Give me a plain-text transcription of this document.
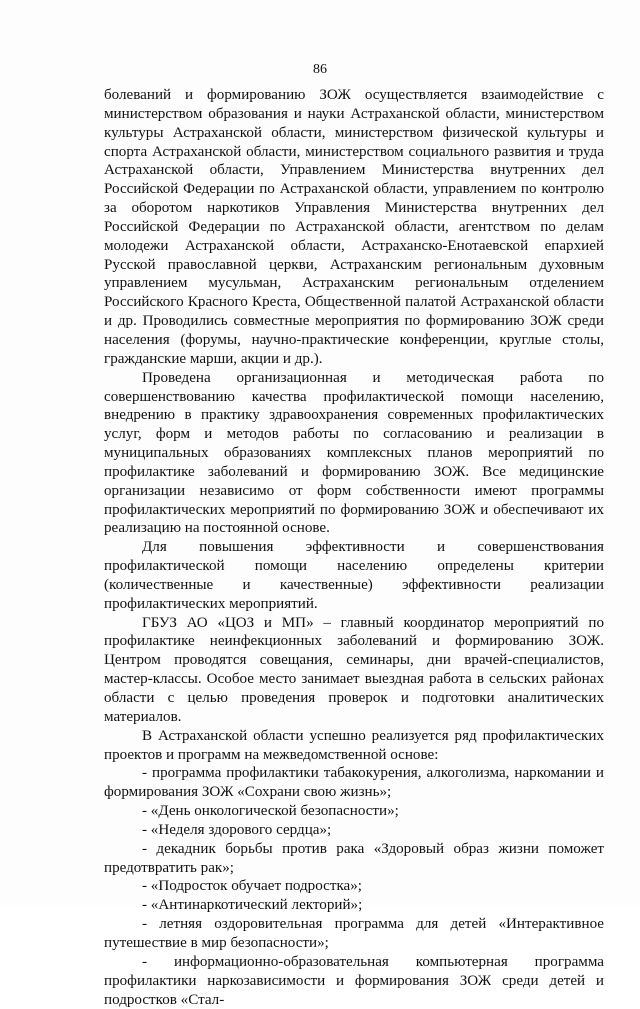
86

болеваний и формированию ЗОЖ осуществляется взаимодействие с министерством образования и науки Астраханской области, министерством культуры Астраханской области, министерством физической культуры и спорта Астраханской области, министерством социального развития и труда Астраханской области, Управлением Министерства внутренних дел Российской Федерации по Астраханской области, управлением по контролю за оборотом наркотиков Управления Министерства внутренних дел Российской Федерации по Астраханской области, агентством по делам молодежи Астраханской области, Астраханско-Енотаевской епархией Русской православной церкви, Астраханским региональным духовным управлением мусульман, Астраханским региональным отделением Российского Красного Креста, Общественной палатой Астраханской области и др. Проводились совместные мероприятия по формированию ЗОЖ среди населения (форумы, научно-практические конференции, круглые столы, гражданские марши, акции и др.).

Проведена организационная и методическая работа по совершенствованию качества профилактической помощи населению, внедрению в практику здравоохранения современных профилактических услуг, форм и методов работы по согласованию и реализации в муниципальных образованиях комплексных планов мероприятий по профилактике заболеваний и формированию ЗОЖ. Все медицинские организации независимо от форм собственности имеют программы профилактических мероприятий по формированию ЗОЖ и обеспечивают их реализацию на постоянной основе.

Для повышения эффективности и совершенствования профилактической помощи населению определены критерии (количественные и качественные) эффективности реализации профилактических мероприятий.

ГБУЗ АО «ЦОЗ и МП» – главный координатор мероприятий по профилактике неинфекционных заболеваний и формированию ЗОЖ. Центром проводятся совещания, семинары, дни врачей-специалистов, мастер-классы. Особое место занимает выездная работа в сельских районах области с целью проведения проверок и подготовки аналитических материалов.

В Астраханской области успешно реализуется ряд профилактических проектов и программ на межведомственной основе:

- программа профилактики табакокурения, алкоголизма, наркомании и формирования ЗОЖ «Сохрани свою жизнь»;

- «День онкологической безопасности»;

- «Неделя здорового сердца»;

- декадник борьбы против рака «Здоровый образ жизни поможет предотвратить рак»;

- «Подросток обучает подростка»;

- «Антинаркотический лекторий»;

- летняя оздоровительная программа для детей «Интерактивное путешествие в мир безопасности»;

- информационно-образовательная компьютерная программа профилактики наркозависимости и формирования ЗОЖ среди детей и подростков «Стал-
